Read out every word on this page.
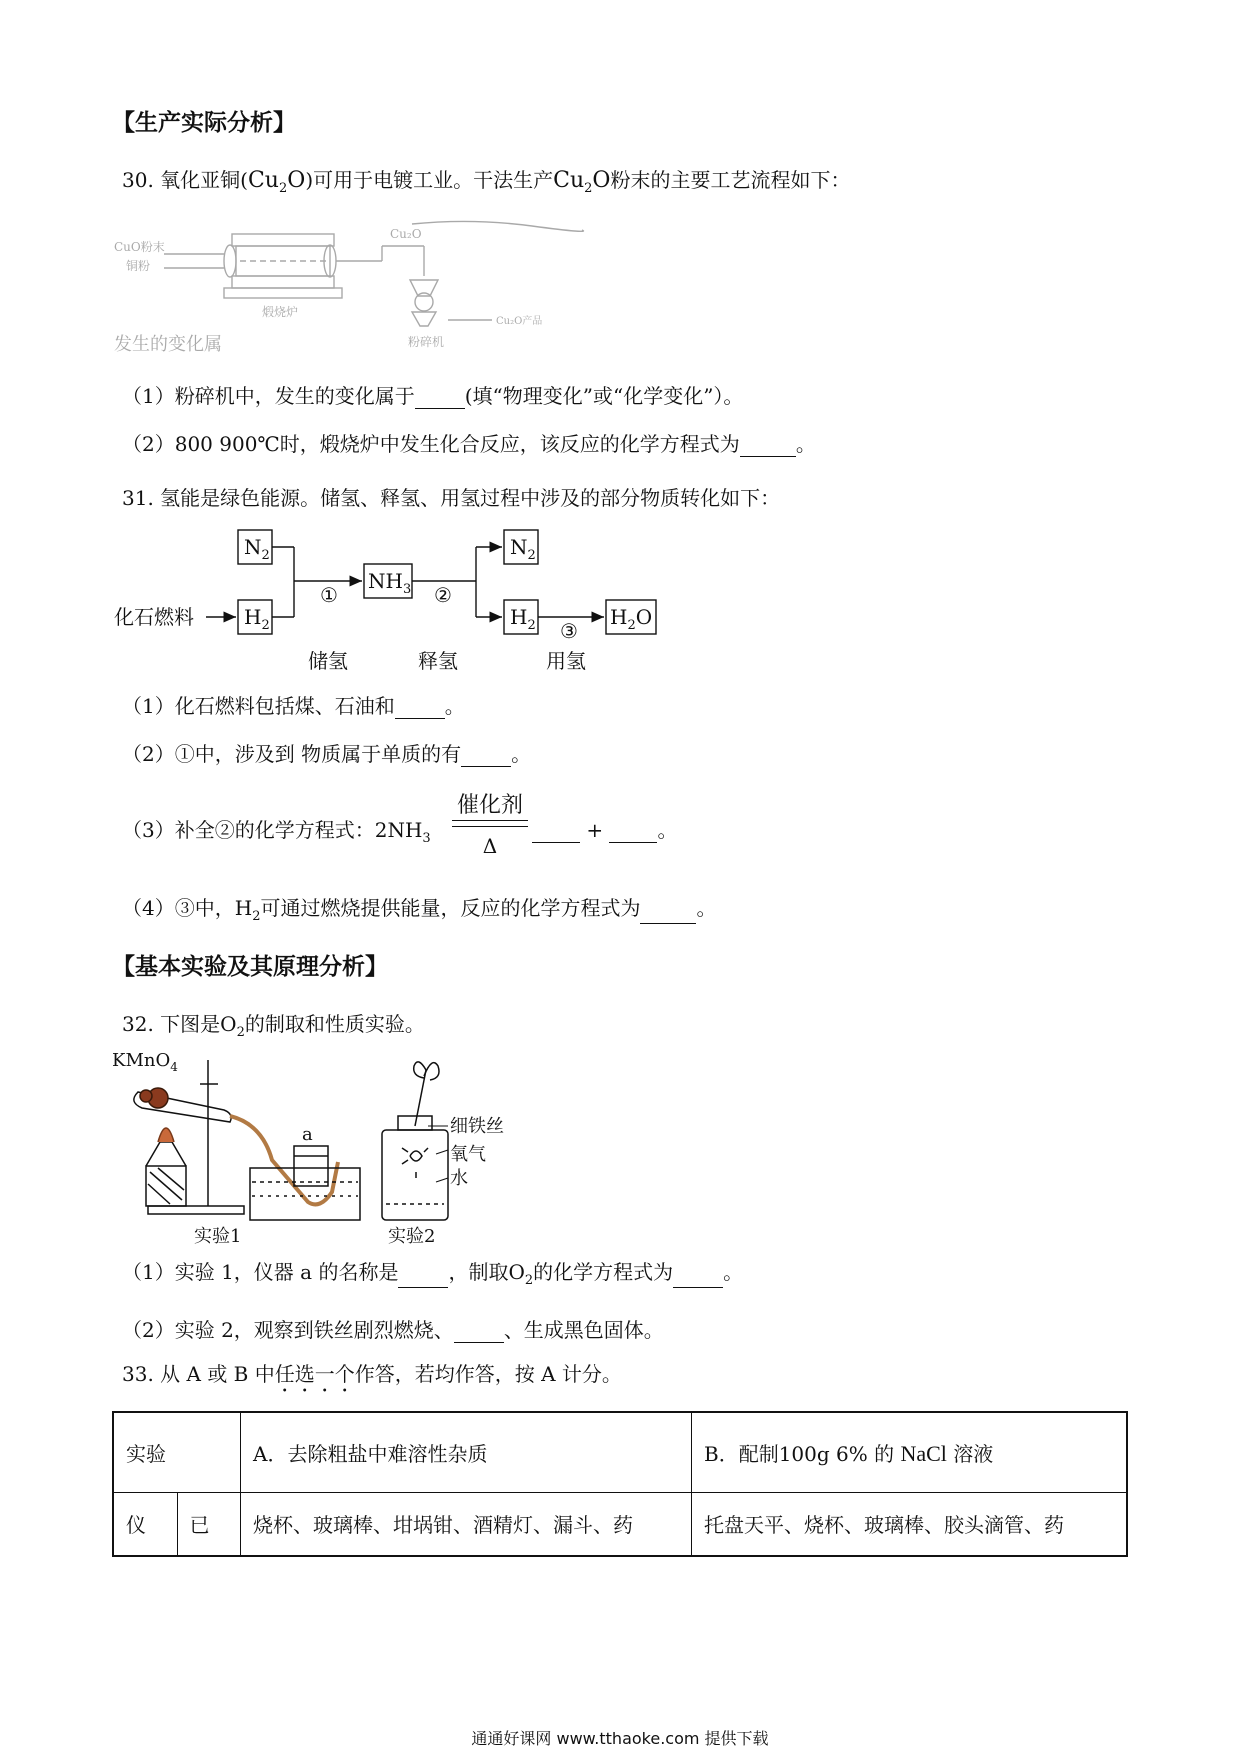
【生产实际分析】
30. 氧化亚铜$(Cu_2O)$可用于电镀工业。干法生产$Cu_2O$粉末的主要工艺流程如下：
CuO粉末
铜粉
煅烧炉
Cu₂O
粉碎机
Cu₂O产品
发生的变化属
（1）粉碎机中，发生的变化属于	(填“物理变化”或“化学变化”）。
（2）800 900℃时，煅烧炉中发生化合反应，该反应的化学方程式为	。
31. 氢能是绿色能源。储氢、释氢、用氢过程中涉及的部分物质转化如下：
化石燃料
$N_2$
$H_2$
$NH_3$
$N_2$
$H_2$	$H_2O$
①	②
③
储氢	释氢	用氢
（1）化石燃料包括煤、石油和	。
（2）①中，涉及到 物质属于单质的有	。
（3）补全②的化学方程式：$2NH_3$
催化剂
Δ
+	。
（4）③中，$H_2$可通过燃烧提供能量，反应的化学方程式为	。
【基本实验及其原理分析】
32. 下图是$O_2$的制取和性质实验。
KMnO$_4$
a	细铁丝
氧气
水
实验1	实验2
（1）实验 1，仪器 a 的名称是	，制取$O_2$的化学方程式为	。
（2）实验 2，观察到铁丝剧烈燃烧、	、生成黑色固体。
33. 从 A 或 B 中任选一个作答，若均作答，按 A 计分。
实验		A．去除粗盐中难溶性杂质	B．配制100g 6% 的 NaCl 溶液
仪	已	烧杯、玻璃棒、坩埚钳、酒精灯、漏斗、药	托盘天平、烧杯、玻璃棒、胶头滴管、药
通通好课网 www.tthaoke.com 提供下载
